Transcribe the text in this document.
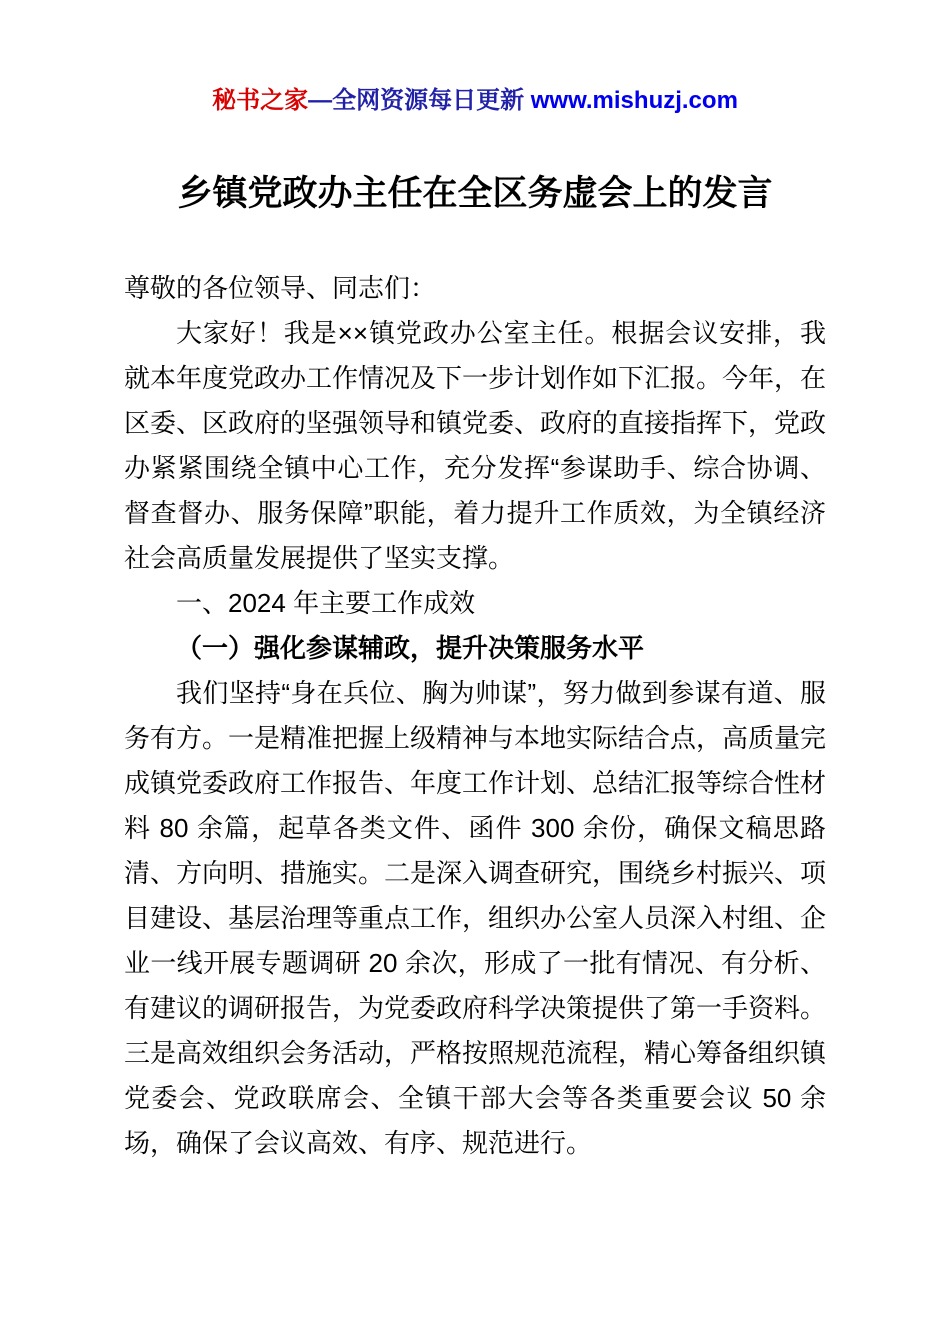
秘书之家—全网资源每日更新 www.mishuzj.com
乡镇党政办主任在全区务虚会上的发言

尊敬的各位领导、同志们：

大家好！我是××镇党政办公室主任。根据会议安排，我就本年度党政办工作情况及下一步计划作如下汇报。今年，在区委、区政府的坚强领导和镇党委、政府的直接指挥下，党政办紧紧围绕全镇中心工作，充分发挥“参谋助手、综合协调、督查督办、服务保障”职能，着力提升工作质效，为全镇经济社会高质量发展提供了坚实支撑。

一、2024 年主要工作成效

（一）强化参谋辅政，提升决策服务水平

我们坚持“身在兵位、胸为帅谋”，努力做到参谋有道、服务有方。一是精准把握上级精神与本地实际结合点，高质量完成镇党委政府工作报告、年度工作计划、总结汇报等综合性材料 80 余篇，起草各类文件、函件 300 余份，确保文稿思路清、方向明、措施实。二是深入调查研究，围绕乡村振兴、项目建设、基层治理等重点工作，组织办公室人员深入村组、企业一线开展专题调研 20 余次，形成了一批有情况、有分析、有建议的调研报告，为党委政府科学决策提供了第一手资料。三是高效组织会务活动，严格按照规范流程，精心筹备组织镇党委会、党政联席会、全镇干部大会等各类重要会议 50 余场，确保了会议高效、有序、规范进行。
